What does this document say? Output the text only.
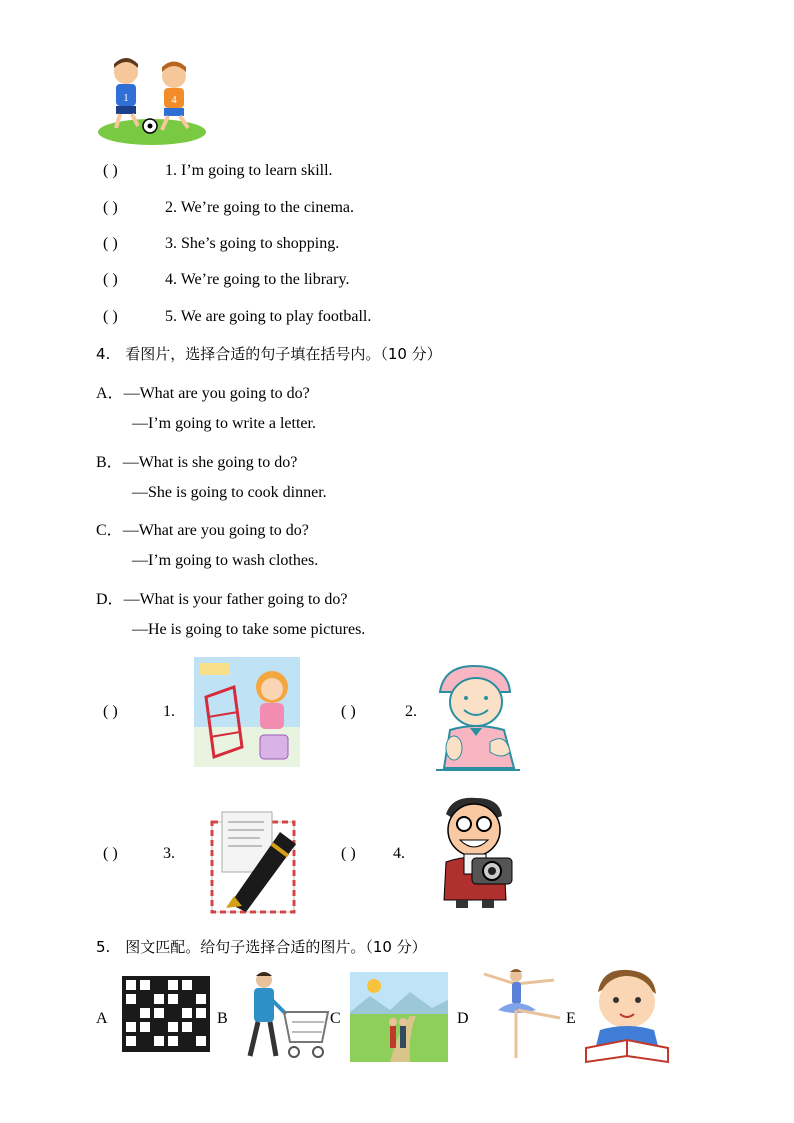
1	4
( )	1. I’m going to learn skill.
( )	2. We’re going to the cinema.
( )	3. She’s going to shopping.
( )	4. We’re going to the library.
( )	5. We are going to play football.
4.　看图片，选择合适的句子填在括号内。（10 分）
A．—What are you going to do?
—I’m going to write a letter.
B．—What is she going to do?
—She is going to cook dinner.
C．—What are you going to do?
—I’m going to wash clothes.
D．—What is your father going to do?
—He is going to take some pictures.
( )	1.	( )	2.
( )	3.	( ) 4.
5.　图文匹配。给句子选择合适的图片。（10 分）
A	B	C	D	E
